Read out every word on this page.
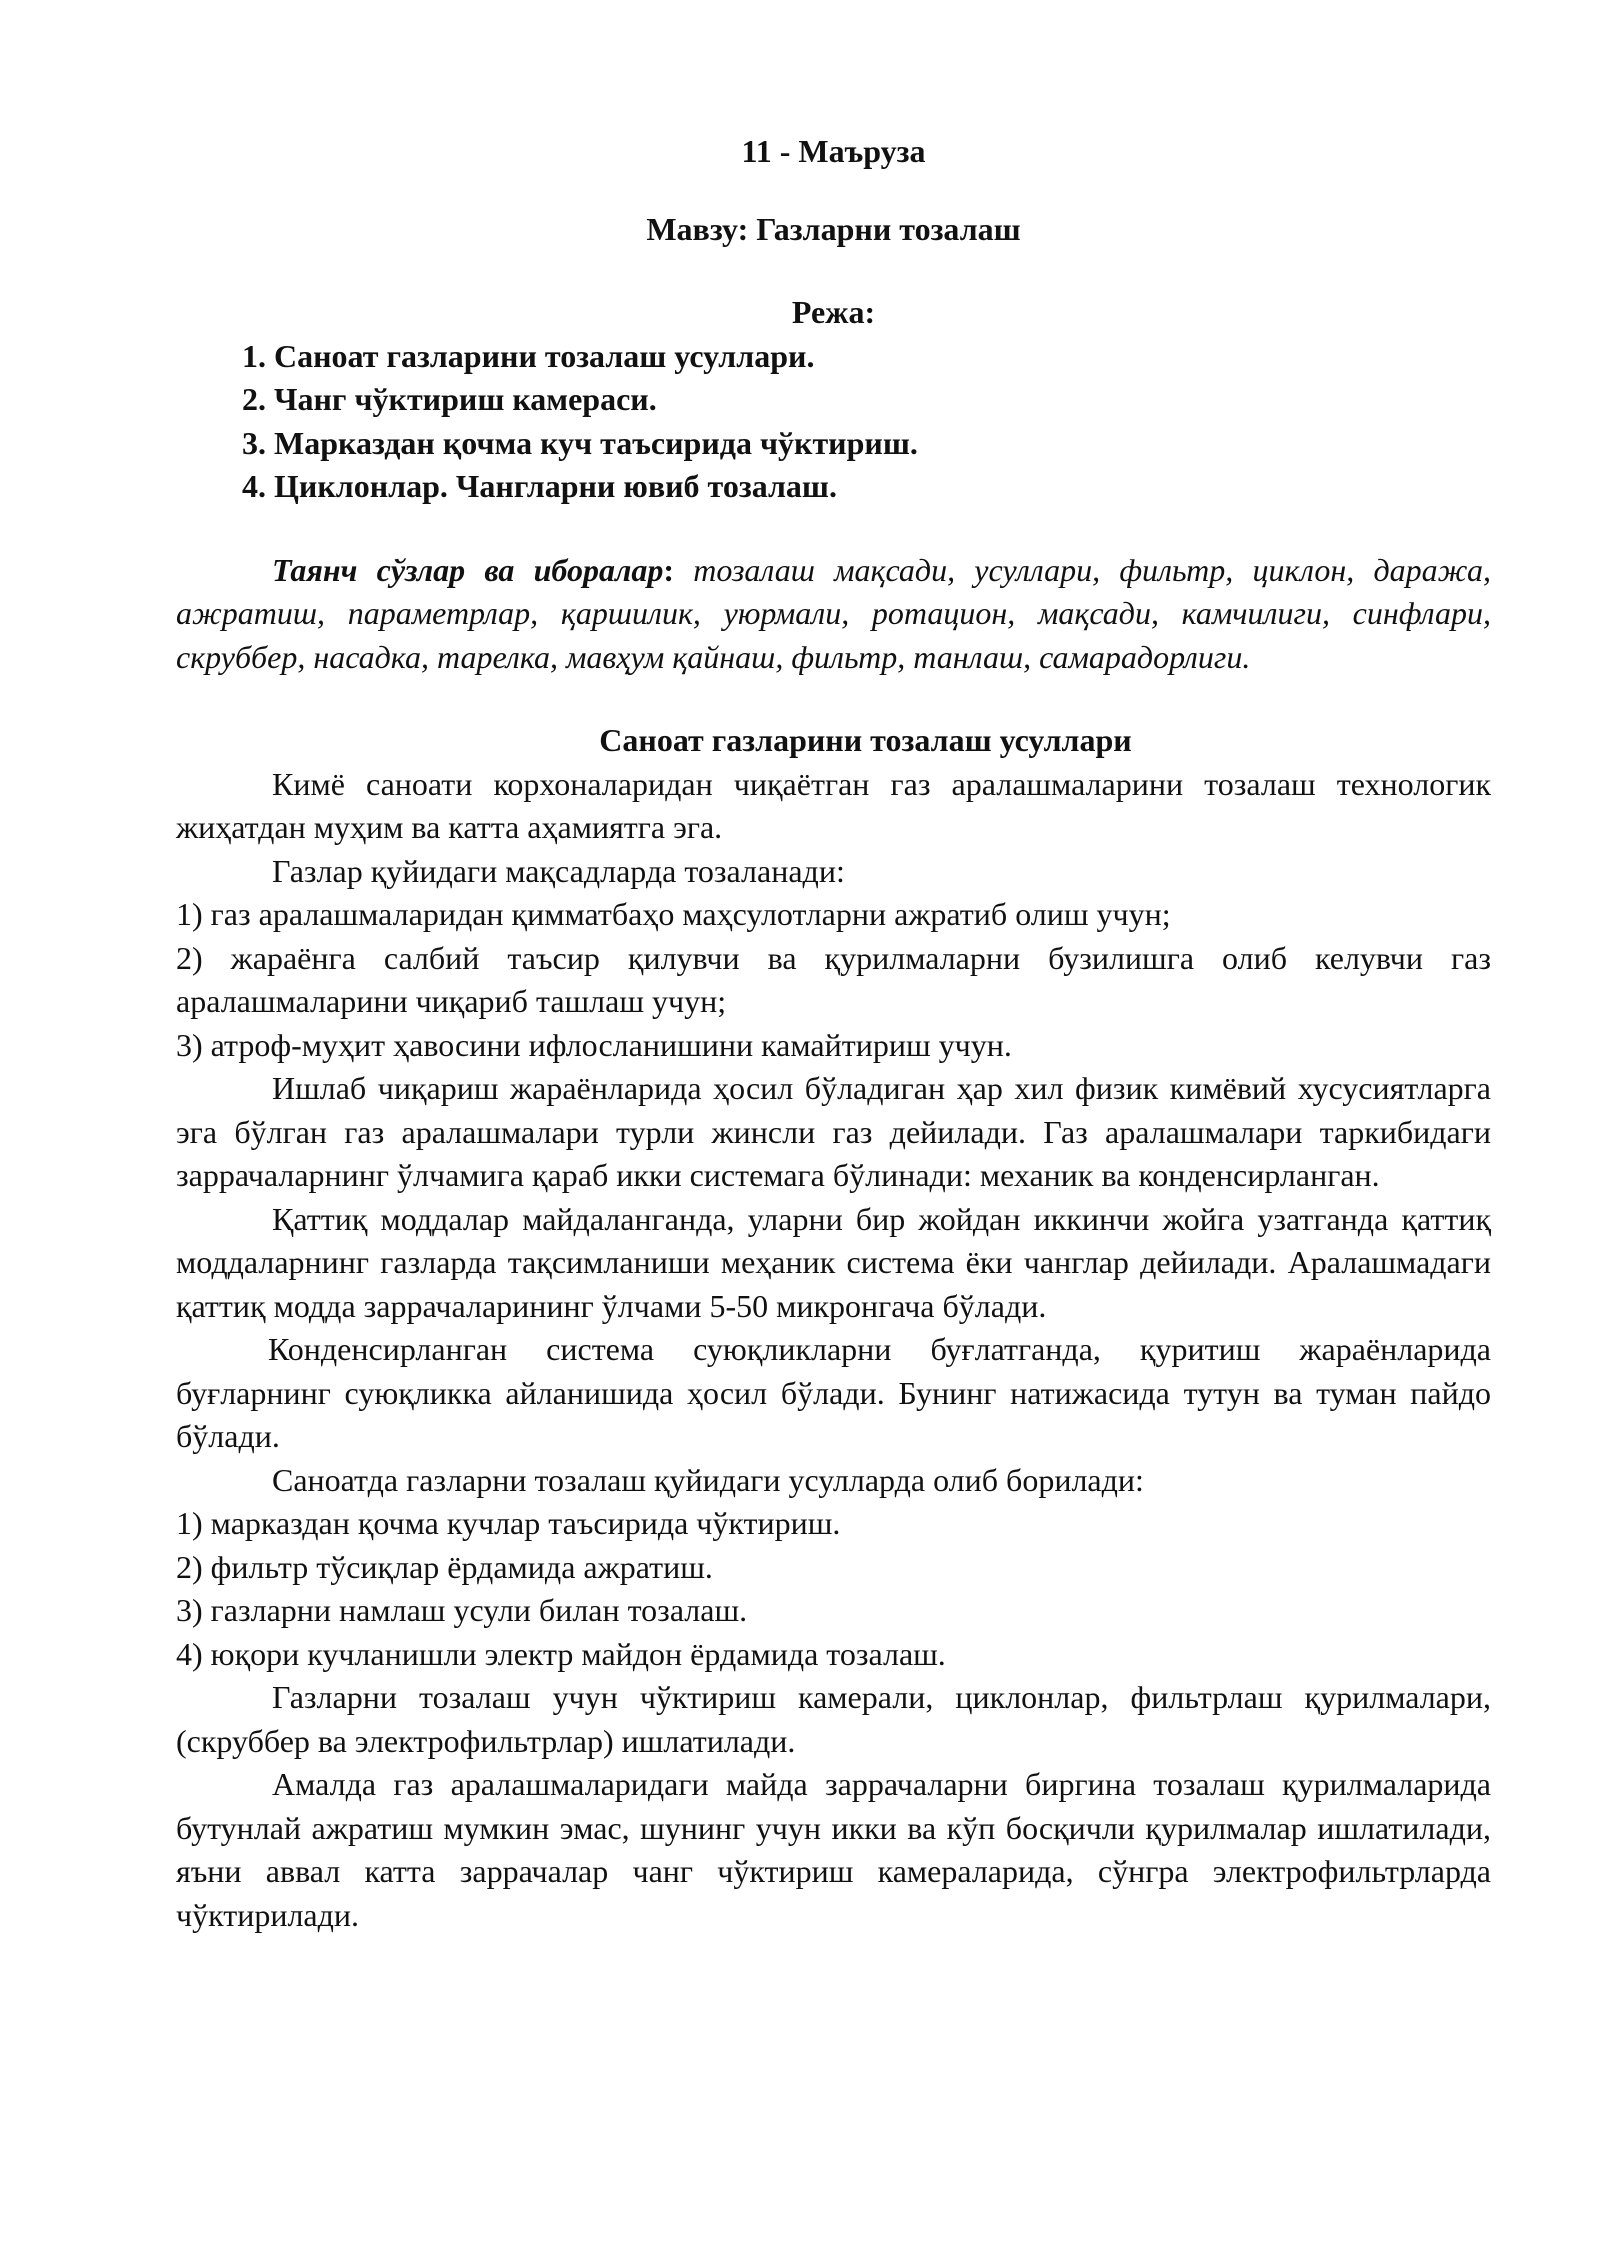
11 - Маъруза

Мавзу: Газларни тозалаш

Режа:

1. Саноат газларини тозалаш усуллари.
2. Чанг чўктириш камераси.
3. Марказдан қочма куч таъсирида чўктириш.
4. Циклонлар. Чангларни ювиб тозалаш.

Таянч сўзлар ва иборалар: тозалаш мақсади, усуллари, фильтр, циклон, даража, ажратиш, параметрлар, қаршилик, уюрмали, ротацион, мақсади, камчилиги, синфлари, скруббер, насадка, тарелка, мавҳум қайнаш, фильтр, танлаш, самарадорлиги.

Саноат газларини тозалаш усуллари

Кимё саноати корхоналаридан чиқаётган газ аралашмаларини тозалаш технологик жиҳатдан муҳим ва катта аҳамиятга эга.

Газлар қуйидаги мақсадларда тозаланади:

1) газ аралашмаларидан қимматбаҳо маҳсулотларни ажратиб олиш учун;

2) жараёнга салбий таъсир қилувчи ва қурилмаларни бузилишга олиб келувчи газ аралашмаларини чиқариб ташлаш учун;

3) атроф-муҳит ҳавосини ифлосланишини камайтириш учун.

Ишлаб чиқариш жараёнларида ҳосил бўладиган ҳар хил физик кимёвий хусусиятларга эга бўлган газ аралашмалари турли жинсли газ дейилади. Газ аралашмалари таркибидаги заррачаларнинг ўлчамига қараб икки системага бўлинади: механик ва конденсирланган.

Қаттиқ моддалар майдаланганда, уларни бир жойдан иккинчи жойга узатганда қаттиқ моддаларнинг газларда тақсимланиши меҳаник система ёки чанглар дейилади. Аралашмадаги қаттиқ модда заррачаларининг ўлчами 5-50 микронгача бўлади.

Конденсирланган система суюқликларни буғлатганда, қуритиш жараёнларида буғларнинг суюқликка айланишида ҳосил бўлади. Бунинг натижасида тутун ва туман пайдо бўлади.

Саноатда газларни тозалаш қуйидаги усулларда олиб борилади:

1) марказдан қочма кучлар таъсирида чўктириш.

2) фильтр тўсиқлар ёрдамида ажратиш.

3) газларни намлаш усули билан тозалаш.

4) юқори кучланишли электр майдон ёрдамида тозалаш.

Газларни тозалаш учун чўктириш камерали, циклонлар, фильтрлаш қурилмалари, (скруббер ва электрофильтрлар) ишлатилади.

Амалда газ аралашмаларидаги майда заррачаларни биргина тозалаш қурилмаларида бутунлай ажратиш мумкин эмас, шунинг учун икки ва кўп босқичли қурилмалар ишлатилади, яъни аввал катта заррачалар чанг чўктириш камераларида, сўнгра электрофильтрларда чўктирилади.
